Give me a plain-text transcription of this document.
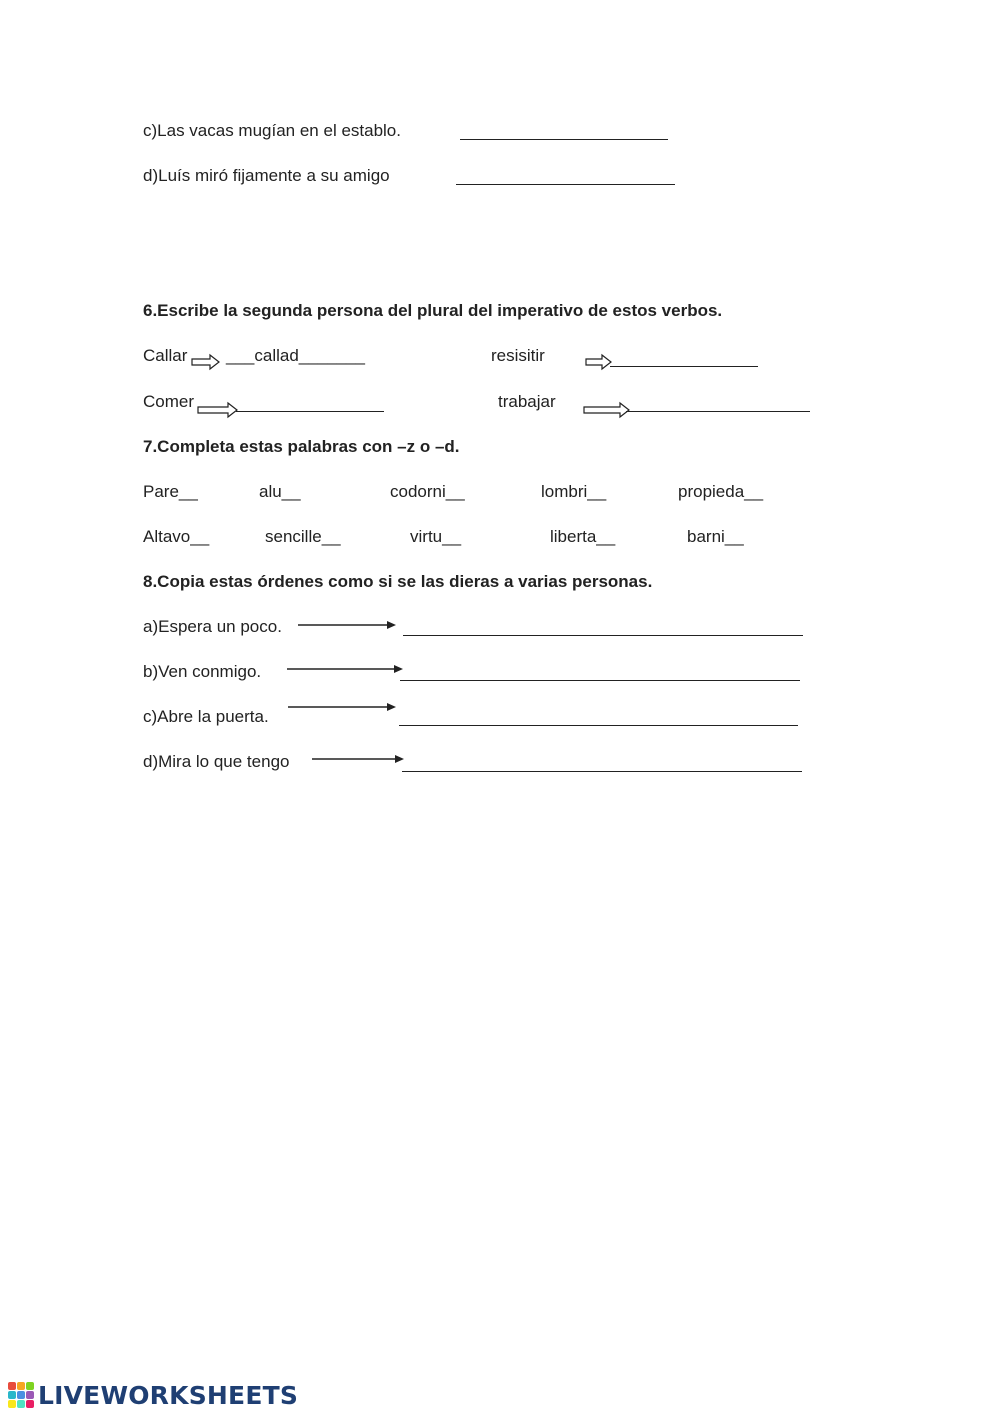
c)Las vacas mugían en el establo.
d)Luís miró fijamente a su amigo
6.Escribe la segunda persona del plural del imperativo de estos verbos.
Callar ___callad_______	resisitir
Comer	trabajar
7.Completa estas palabras con –z o –d.
Pare__	alu__	codorni__	lombri__	propieda__
Altavo__	sencille__	virtu__	liberta__	barni__
8.Copia estas órdenes como si se las dieras a varias personas.
a)Espera un poco.
b)Ven conmigo.
c)Abre la puerta.
d)Mira lo que tengo
LIVEWORKSHEETS
